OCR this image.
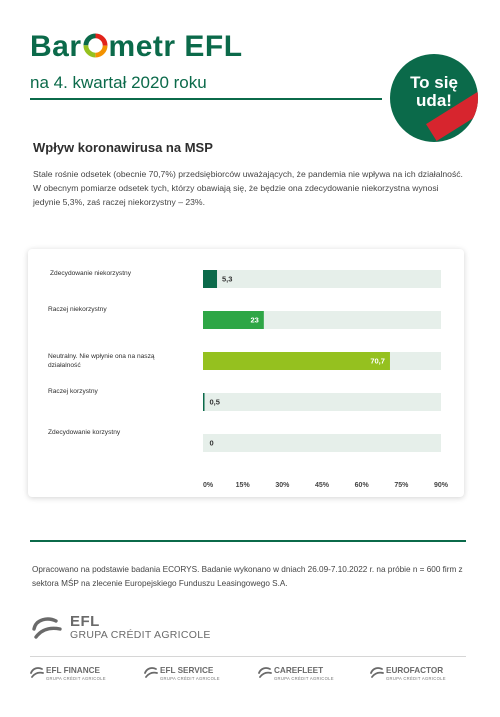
Bar metr EFL
na 4. kwartał 2020 roku	To się
uda!
Wpływ koronawirusa na MSP
Stale rośnie odsetek (obecnie 70,7%) przedsiębiorców uważających, że pandemia nie wpływa na ich działalność. W obecnym pomiarze odsetek tych, którzy obawiają się, że będzie ona zdecydowanie niekorzystna wynosi jedynie 5,3%, zaś raczej niekorzystny – 23%.
5,3
23
70,7
0,5
0
0%	15%	30%	45%	60%	75%	90%
Zdecydowanie niekorzystny
Raczej niekorzystny
Neutralny. Nie wpłynie ona na naszą działalność
Raczej korzystny
Zdecydowanie korzystny
Opracowano na podstawie badania ECORYS. Badanie wykonano w dniach 26.09-7.10.2022 r. na próbie n = 600 firm z sektora MŚP na zlecenie Europejskiego Funduszu Leasingowego S.A.
EFL
GRUPA CRÉDIT AGRICOLE
EFL FINANCE
GRUPA CRÉDIT AGRICOLE
EFL SERVICE
GRUPA CRÉDIT AGRICOLE
CAREFLEET
GRUPA CRÉDIT AGRICOLE
EUROFACTOR
GRUPA CRÉDIT AGRICOLE
